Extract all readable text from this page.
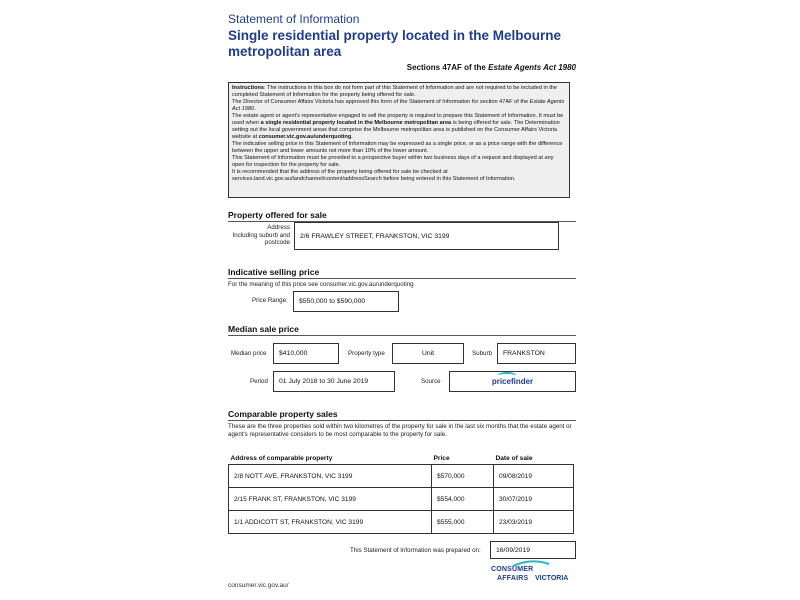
Statement of Information
Single residential property located in the Melbourne metropolitan area
Sections 47AF of the Estate Agents Act 1980

Instructions: The instructions in this box do not form part of this Statement of Information and are not required to be included in the completed Statement of Information for the property being offered for sale.

The Director of Consumer Affairs Victoria has approved this form of the Statement of Information for section 47AF of the Estate Agents Act 1980.

The estate agent or agent's representative engaged to sell the property is required to prepare this Statement of Information. It must be used when a single residential property located in the Melbourne metropolitan area is being offered for sale. The Determination setting out the local government areas that comprise the Melbourne metropolitan area is published on the Consumer Affairs Victoria website at consumer.vic.gov.au/underquoting.

The indicative selling price in this Statement of Information may be expressed as a single price, or as a price range with the difference between the upper and lower amounts not more than 10% of the lower amount.

This Statement of Information must be provided to a prospective buyer within two business days of a request and displayed at any open for inspection for the property for sale.

It is recommended that the address of the property being offered for sale be checked at services.land.vic.gov.au/landchannel/content/addressSearch before being entered in this Statement of Information.

Property offered for sale
Address
Including suburb and postcode
2/6 FRAWLEY STREET, FRANKSTON, VIC 3199
Indicative selling price
For the meaning of this price see consumer.vic.gov.au/underquoting
Price Range:	$550,000 to $590,000
Median sale price
Median price	$410,000	Property type	Unit	Suburb	FRANKSTON
Period	01 July 2018 to 30 June 2019	Source	pricefinder
Comparable property sales
These are the three properties sold within two kilometres of the property for sale in the last six months that the estate agent or agent's representative considers to be most comparable to the property for sale.
Address of comparable property	Price	Date of sale
2/8 NOTT AVE, FRANKSTON, VIC 3199	$570,000	09/08/2019
2/15 FRANK ST, FRANKSTON, VIC 3199	$554,000	30/07/2019
1/1 ADDICOTT ST, FRANKSTON, VIC 3199	$555,000	23/03/2019
This Statement of Information was prepared on:	16/09/2019
CONSUMER
AFFAIRS VICTORIA
consumer.vic.gov.au/
